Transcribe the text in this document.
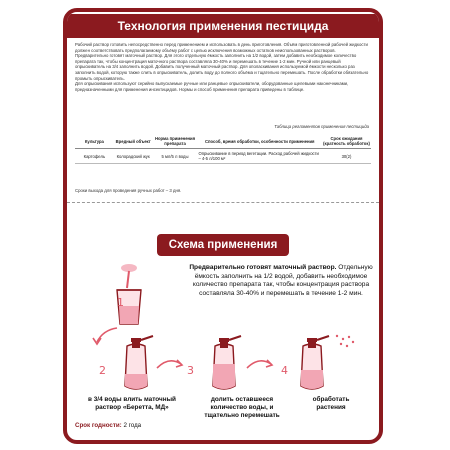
Технология применения пестицида

Рабочий раствор готовить непосредственно перед применением и использовать в день приготовления. Объём приготовленной рабочей жидкости должен соответствовать предполагаемому объёму работ с целью исключения возможных остатков неиспользованных растворов.

Предварительно готовят маточный раствор. Для этого отдельную ёмкость заполнить на 1/2 водой, затем добавить необходимое количество препарата так, чтобы концентрация маточного раствора составляла 30-40% и перемешать в течение 1-2 мин. Ручной или ранцевый опрыскиватель на 3/4 заполнить водой. Добавить полученный маточный раствор. Для ополаскивания используемой ёмкости несколько раз заполнить водой, которую также слить в опрыскиватель, долить воду до полного объёма и тщательно перемешать. После обработки обязательно промыть опрыскиватель.

Для опрыскивания используют серийно выпускаемые ручные или ранцевые опрыскиватели, оборудованные щелевыми наконечниками, предназначенными для применения инсектицидов. Нормы и способ применения препарата приведены в таблице.

Таблица регламентов применения пестицида
Культура	Вредный объект	Норма применения препарата	Способ, время обработки, особенности применения	Срок ожидания (кратность обработок)
Картофель	Колорадский жук	5 мл/5 л воды	Опрыскивание в период вегетации. Расход рабочей жидкости – 4-5 л/100 м²	30(2)
Сроки выхода для проведения ручных работ – 3 дня.
Схема применения
1
Предварительно готовят маточный раствор. Отдельную ёмкость заполнить на 1/2 водой, добавить необходимое количество препарата так, чтобы концентрация раствора составляла 30-40% и перемешать в течение 1-2 мин.
2	3	4
в 3/4 воды влить маточный раствор «Беретта, МД»
долить оставшееся количество воды, и тщательно перемешать
обработать растения
Срок годности: 2 года
